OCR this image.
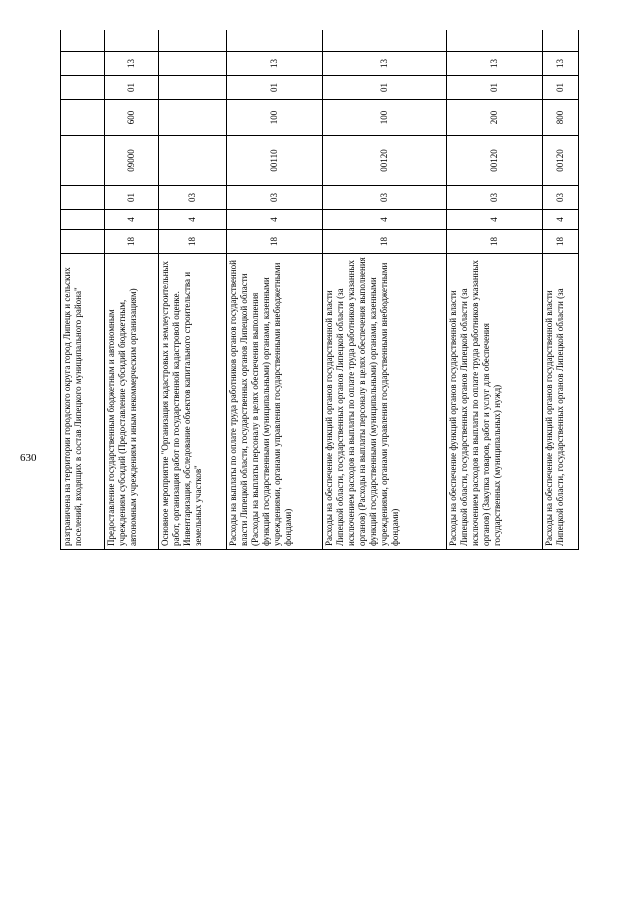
630	разграничена на территории городского округа город Липецк и сельских поселений, входящих в состав Липецкого муниципального района"												
Предоставление государственным бюджетным и автономным учреждениям субсидий (Предоставление субсидий бюджетным, автономным учреждениям и иным некоммерческим организациям)	18	4	01	09000	600	01	13					
Основное мероприятие "Организация кадастровых и землеустроительных работ, организация работ по государственной кадастровой оценке. Инвентаризация, обследование объектов капитального строительства и земельных участков"	18	4	03									
Расходы на выплаты по оплате труда работников органов государственной власти Липецкой области, государственных органов Липецкой области (Расходы на выплаты персоналу в целях обеспечения выполнения функций государственными (муниципальными) органами, казенными учреждениями, органами управления государственными внебюджетными фондами)	18	4	03	00110	100	01	13					
Расходы на обеспечение функций органов государственной власти Липецкой области, государственных органов Липецкой области (за исключением расходов на выплаты по оплате труда работников указанных органов) (Расходы на выплаты персоналу в целях обеспечения выполнения функций государственными (муниципальными) органами, казенными учреждениями, органами управления государственными внебюджетными фондами)	18	4	03	00120	100	01	13					
Расходы на обеспечение функций органов государственной власти Липецкой области, государственных органов Липецкой области (за исключением расходов на выплаты по оплате труда работников указанных органов) (Закупка товаров, работ и услуг для обеспечения государственных (муниципальных) нужд)	18	4	03	00120	200	01	13					
Расходы на обеспечение функций органов государственной власти Липецкой области, государственных органов Липецкой области (за	18	4	03	00120	800	01	13					
